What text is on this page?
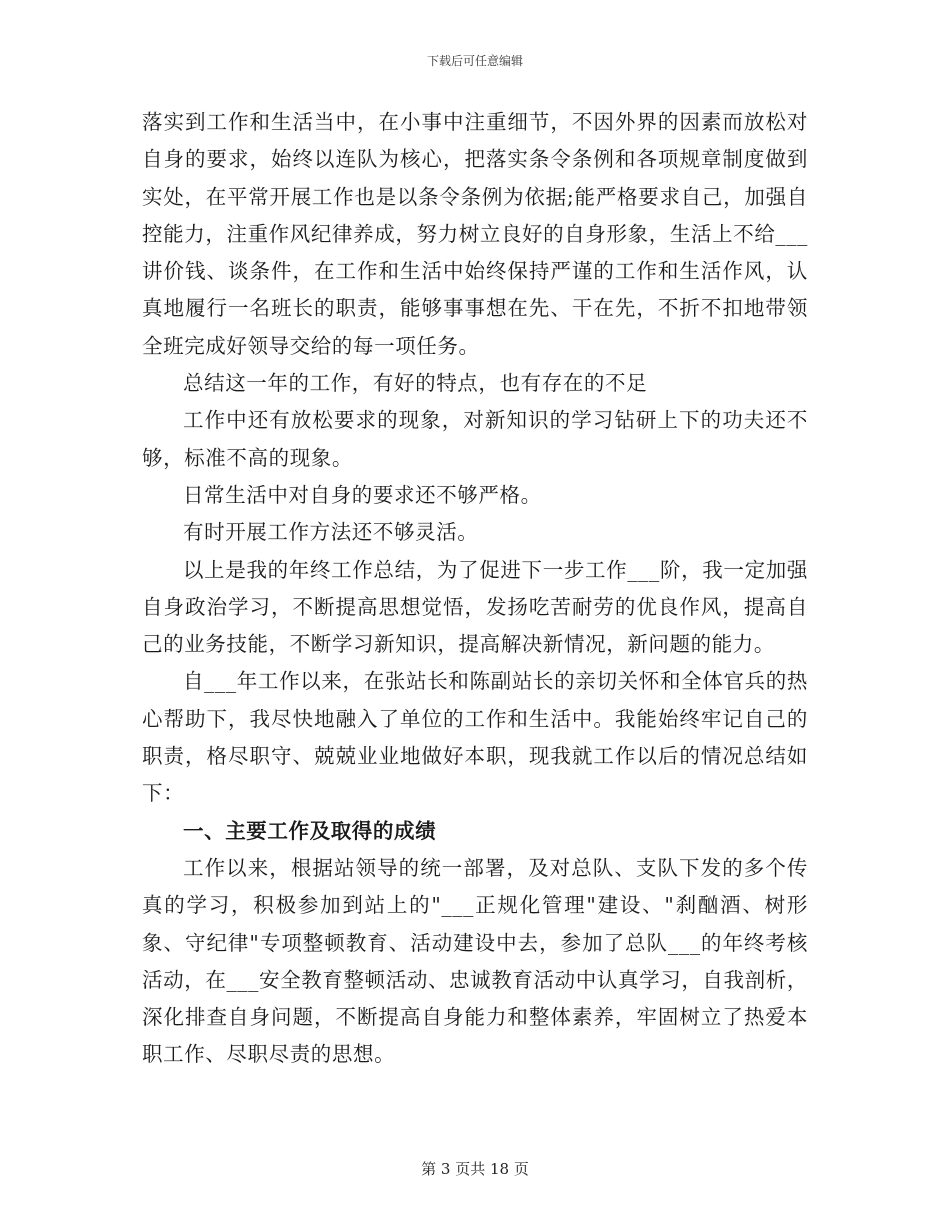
下载后可任意编辑

落实到工作和生活当中，在小事中注重细节，不因外界的因素而放松对自身的要求，始终以连队为核心，把落实条令条例和各项规章制度做到实处，在平常开展工作也是以条令条例为依据;能严格要求自己，加强自控能力，注重作风纪律养成，努力树立良好的自身形象，生活上不给___讲价钱、谈条件，在工作和生活中始终保持严谨的工作和生活作风，认真地履行一名班长的职责，能够事事想在先、干在先，不折不扣地带领全班完成好领导交给的每一项任务。

总结这一年的工作，有好的特点，也有存在的不足

工作中还有放松要求的现象，对新知识的学习钻研上下的功夫还不够，标准不高的现象。

日常生活中对自身的要求还不够严格。

有时开展工作方法还不够灵活。

以上是我的年终工作总结，为了促进下一步工作___阶，我一定加强自身政治学习，不断提高思想觉悟，发扬吃苦耐劳的优良作风，提高自己的业务技能，不断学习新知识，提高解决新情况，新问题的能力。

自___年工作以来，在张站长和陈副站长的亲切关怀和全体官兵的热心帮助下，我尽快地融入了单位的工作和生活中。我能始终牢记自己的职责，格尽职守、兢兢业业地做好本职，现我就工作以后的情况总结如下：

一、主要工作及取得的成绩

工作以来，根据站领导的统一部署，及对总队、支队下发的多个传真的学习，积极参加到站上的"___正规化管理"建设、"刹酗酒、树形象、守纪律"专项整顿教育、活动建设中去，参加了总队___的年终考核活动，在___安全教育整顿活动、忠诚教育活动中认真学习，自我剖析，深化排查自身问题，不断提高自身能力和整体素养，牢固树立了热爱本职工作、尽职尽责的思想。

第 3 页共 18 页
